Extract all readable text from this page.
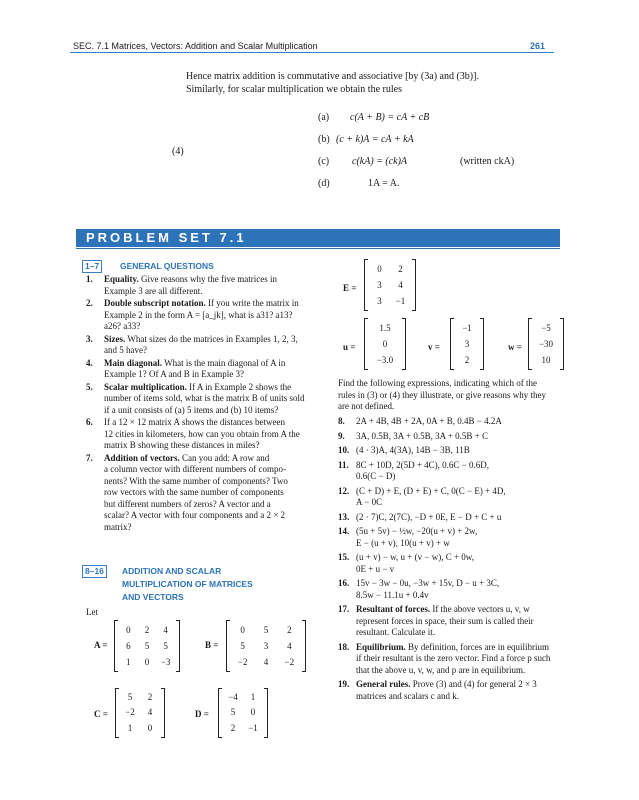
SEC. 7.1 Matrices, Vectors: Addition and Scalar Multiplication	261
Hence matrix addition is commutative and associative [by (3a) and (3b)].
Similarly, for scalar multiplication we obtain the rules
(4)
(a) c(A + B) = cA + cB
(b) (c + k)A = cA + kA
(c) c(kA) = (ck)A	(written ckA)
(d)	1A = A.
PROBLEM SET 7.1
1–7	GENERAL QUESTIONS
1. Equality. Give reasons why the five matrices in
Example 3 are all different.
2. Double subscript notation. If you write the matrix in
Example 2 in the form A = [a_jk], what is a31? a13?
a26? a33?
3. Sizes. What sizes do the matrices in Examples 1, 2, 3,
and 5 have?
4. Main diagonal. What is the main diagonal of A in
Example 1? Of A and B in Example 3?
5. Scalar multiplication. If A in Example 2 shows the
number of items sold, what is the matrix B of units sold
if a unit consists of (a) 5 items and (b) 10 items?
6. If a 12 × 12 matrix A shows the distances between
12 cities in kilometers, how can you obtain from A the
matrix B showing these distances in miles?
7. Addition of vectors. Can you add: A row and
a column vector with different numbers of compo-
nents? With the same number of components? Two
row vectors with the same number of components
but different numbers of zeros? A vector and a
scalar? A vector with four components and a 2 × 2
matrix?
8–16	ADDITION AND SCALAR
MULTIPLICATION OF MATRICES
AND VECTORS
Let
A =
0	2	4
6	5	5
1	0	−3
B =
0	5	2
5	3	4
−2	4	−2
C =
5	2
−2	4
1	0
D =
−4	1
5	0
2	−1
E =
0	2
3	4
3	−1
u =
1.5
0
−3.0
v =
−1
3
2
w =
−5
−30
10
Find the following expressions, indicating which of the
rules in (3) or (4) they illustrate, or give reasons why they
are not defined.
8. 2A + 4B, 4B + 2A, 0A + B, 0.4B − 4.2A
9. 3A, 0.5B, 3A + 0.5B, 3A + 0.5B + C
10. (4 · 3)A, 4(3A), 14B − 3B, 11B
11. 8C + 10D, 2(5D + 4C), 0.6C − 0.6D,
0.6(C − D)
12. (C + D) + E, (D + E) + C, 0(C − E) + 4D,
A − 0C
13. (2 · 7)C, 2(7C), −D + 0E, E − D + C + u
14. (5u + 5v) − ½w, −20(u + v) + 2w,
E − (u + v), 10(u + v) + w
15. (u + v) − w, u + (v − w), C + 0w,
0E + u − v
16. 15v − 3w − 0u, −3w + 15v, D − u + 3C,
8.5w − 11.1u + 0.4v
17. Resultant of forces. If the above vectors u, v, w
represent forces in space, their sum is called their
resultant. Calculate it.
18. Equilibrium. By definition, forces are in equilibrium
if their resultant is the zero vector. Find a force p such
that the above u, v, w, and p are in equilibrium.
19. General rules. Prove (3) and (4) for general 2 × 3
matrices and scalars c and k.
